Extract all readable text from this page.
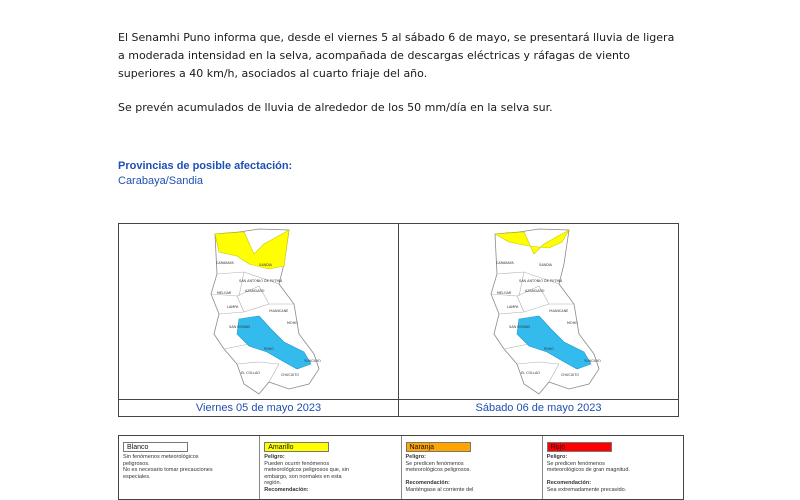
El Senamhi Puno informa que, desde el viernes 5 al sábado 6 de mayo, se presentará lluvia de ligera a moderada intensidad en la selva, acompañada de descargas eléctricas y ráfagas de viento superiores a 40 km/h, asociados al cuarto friaje del año.

Se prevén acumulados de lluvia de alrededor de los 50 mm/día en la selva sur.

Provincias de posible afectación:
Carabaya/Sandia
CARABAYA	SANDIA
MELGAR	AZANGARO
SAN ANTONIO DE PUTINA
LAMPA
HUANCANE
MOHO
SAN ROMAN
PUNO
EL COLLAO	CHUCUITO
YUNGUYO
Viernes 05 de mayo 2023
CARABAYA	SANDIA
MELGAR	AZANGARO
SAN ANTONIO DE PUTINA
LAMPA
HUANCANE
MOHO
SAN ROMAN
PUNO
EL COLLAO	CHUCUITO
YUNGUYO
Sábado 06 de mayo 2023
Blanco

Sin fenómenos meteorológicos

peligrosos.

No es necesario tomar precauciones

especiales.

Amarillo

Peligro:

Pueden ocurrir fenómenos

meteorológicos peligrosos que, sin

embargo, son normales en esta

región.

Recomendación:

Naranja

Peligro:

Se predicen fenómenos

meteorológicos peligrosos.

Recomendación:

Manténgase al corriente del

Rojo

Peligro:

Se predicen fenómenos

meteorológicos de gran magnitud.

Recomendación:

Sea extremadamente precavido.
